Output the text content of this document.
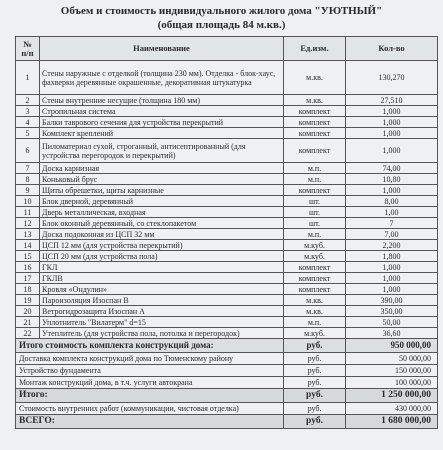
Объем и стоимость индивидуального жилого дома "УЮТНЫЙ"
(общая площадь 84 м.кв.)
№
п/п	Наименование	Ед.изм.	Кол-во
1	Стены наружные с отделкой (толщина 230 мм). Отделка - блок-хаус, фахверки деревянные окрашенные, декоративная штукатурка	м.кв.	130,270
2	Стены внутренние несущие (толщина 180 мм)	м.кв.	27,510
3	Стропильная система	комплект	1,000
4	Балки таврового сечения для устройства перекрытий	комплект	1,000
5	Комплект креплений	комплект	1,000
6	Пиломатериал сухой, строганный, антисептированный (для устройства перегородок и перекрытий)	комплект	1,000
7	Доска карнизная	м.п.	74,00
8	Коньковый брус	м.п.	10,80
9	Щиты обрешетки, щиты карнизные	комплект	1,000
10	Блок дверной, деревянный	шт.	8,00
11	Дверь металлическая, входная	шт.	1,00
12	Блок оконный деревянный, со стеклопакетом	шт.	7
13	Доска подоконная из ЦСП 32 мм	м.п.	7,00
14	ЦСП 12 мм (для устройства перекрытий)	м.куб.	2,200
15	ЦСП 20 мм (для устройства пола)	м.куб.	1,800
16	ГКЛ	комплект	1,000
17	ГКЛВ	комплект	1,000
18	Кровля «Ондулин»	комплект	1,000
19	Пароизоляция Изоспан В	м.кв.	390,00
20	Ветрогидрозащита Изоспан А	м.кв.	350,00
21	Уплотнитель "Вилатерм" d=15	м.п.	50,00
22	Утеплитель (для устройства пола, потолка и перегородок)	м.куб.	36,60
Итого стоимость комплекта конструкций дома:		руб.	950 000,00
Доставка комплекта конструкций дома по Тюменскому району		руб.	50 000,00
Устройство фундамента		руб.	150 000,00
Монтаж конструкций дома, в т.ч. услуги автокрана		руб.	100 000,00
Итого:		руб.	1 250 000,00
Стоимость внутренних работ (коммуникации, чистовая отделка)		руб.	430 000,00
ВСЕГО:		руб.	1 680 000,00
